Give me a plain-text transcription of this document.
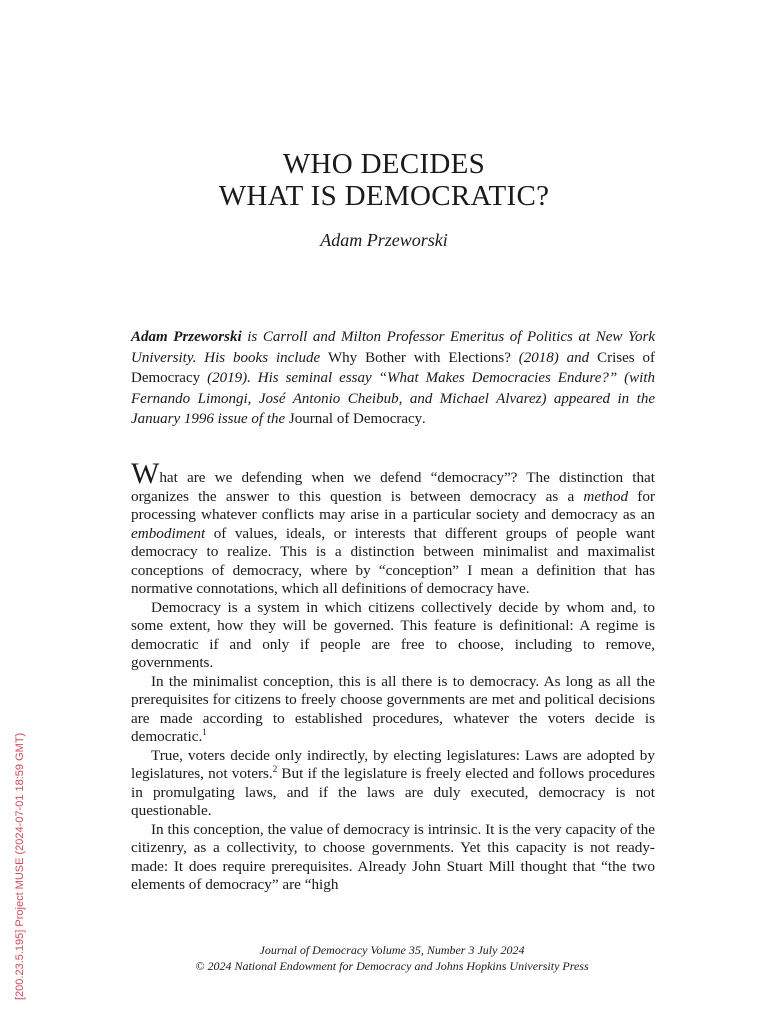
WHO DECIDES
WHAT IS DEMOCRATIC?
Adam Przeworski

Adam Przeworski is Carroll and Milton Professor Emeritus of Politics at New York University. His books include Why Bother with Elections? (2018) and Crises of Democracy (2019). His seminal essay “What Makes Democracies Endure?” (with Fernando Limongi, José Antonio Cheibub, and Michael Alvarez) appeared in the January 1996 issue of the Journal of Democracy.

What are we defending when we defend “democracy”? The distinction that organizes the answer to this question is between democracy as a method for processing whatever conflicts may arise in a particular society and democracy as an embodiment of values, ideals, or interests that different groups of people want democracy to realize. This is a distinction between minimalist and maximalist conceptions of democracy, where by “conception” I mean a definition that has normative connotations, which all definitions of democracy have.

Democracy is a system in which citizens collectively decide by whom and, to some extent, how they will be governed. This feature is definitional: A regime is democratic if and only if people are free to choose, including to remove, governments.

In the minimalist conception, this is all there is to democracy. As long as all the prerequisites for citizens to freely choose governments are met and political decisions are made according to established procedures, whatever the voters decide is democratic.$^1$

True, voters decide only indirectly, by electing legislatures: Laws are adopted by legislatures, not voters.$^2$ But if the legislature is freely elected and follows procedures in promulgating laws, and if the laws are duly executed, democracy is not questionable.

In this conception, the value of democracy is intrinsic. It is the very capacity of the citizenry, as a collectivity, to choose governments. Yet this capacity is not ready-made: It does require prerequisites. Already John Stuart Mill thought that “the two elements of democracy” are “high

Journal of Democracy Volume 35, Number 3 July 2024
© 2024 National Endowment for Democracy and Johns Hopkins University Press
[200.23.5.195] Project MUSE (2024-07-01 18:59 GMT)
